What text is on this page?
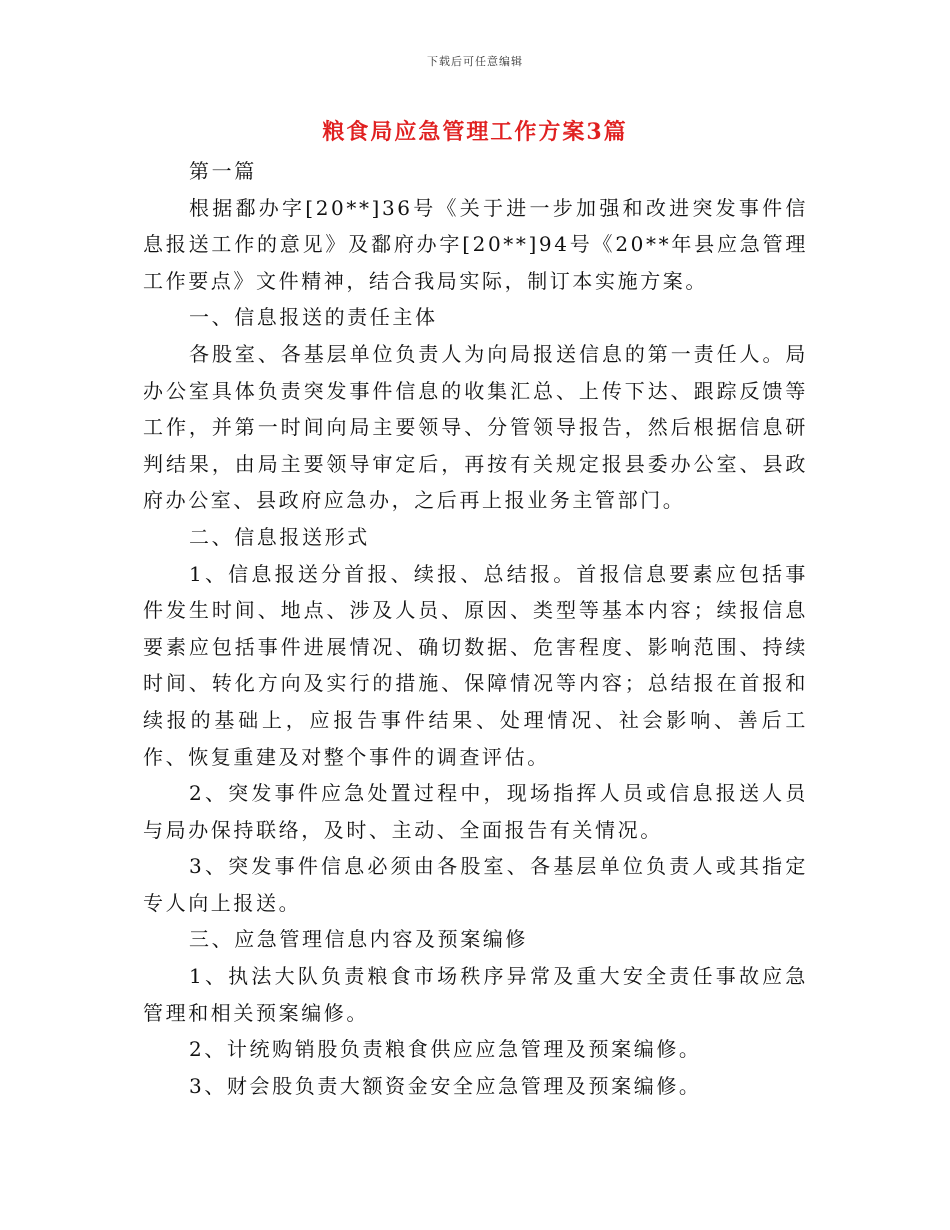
下载后可任意编辑
粮食局应急管理工作方案3篇

第一篇

根据鄱办字[20**]36号《关于进一步加强和改进突发事件信息报送工作的意见》及鄱府办字[20**]94号《20**年县应急管理工作要点》文件精神，结合我局实际，制订本实施方案。

一、信息报送的责任主体

各股室、各基层单位负责人为向局报送信息的第一责任人。局办公室具体负责突发事件信息的收集汇总、上传下达、跟踪反馈等工作，并第一时间向局主要领导、分管领导报告，然后根据信息研判结果，由局主要领导审定后，再按有关规定报县委办公室、县政府办公室、县政府应急办，之后再上报业务主管部门。

二、信息报送形式

1、信息报送分首报、续报、总结报。首报信息要素应包括事件发生时间、地点、涉及人员、原因、类型等基本内容；续报信息要素应包括事件进展情况、确切数据、危害程度、影响范围、持续时间、转化方向及实行的措施、保障情况等内容；总结报在首报和续报的基础上，应报告事件结果、处理情况、社会影响、善后工作、恢复重建及对整个事件的调查评估。

2、突发事件应急处置过程中，现场指挥人员或信息报送人员与局办保持联络，及时、主动、全面报告有关情况。

3、突发事件信息必须由各股室、各基层单位负责人或其指定专人向上报送。

三、应急管理信息内容及预案编修

1、执法大队负责粮食市场秩序异常及重大安全责任事故应急管理和相关预案编修。

2、计统购销股负责粮食供应应急管理及预案编修。

3、财会股负责大额资金安全应急管理及预案编修。
